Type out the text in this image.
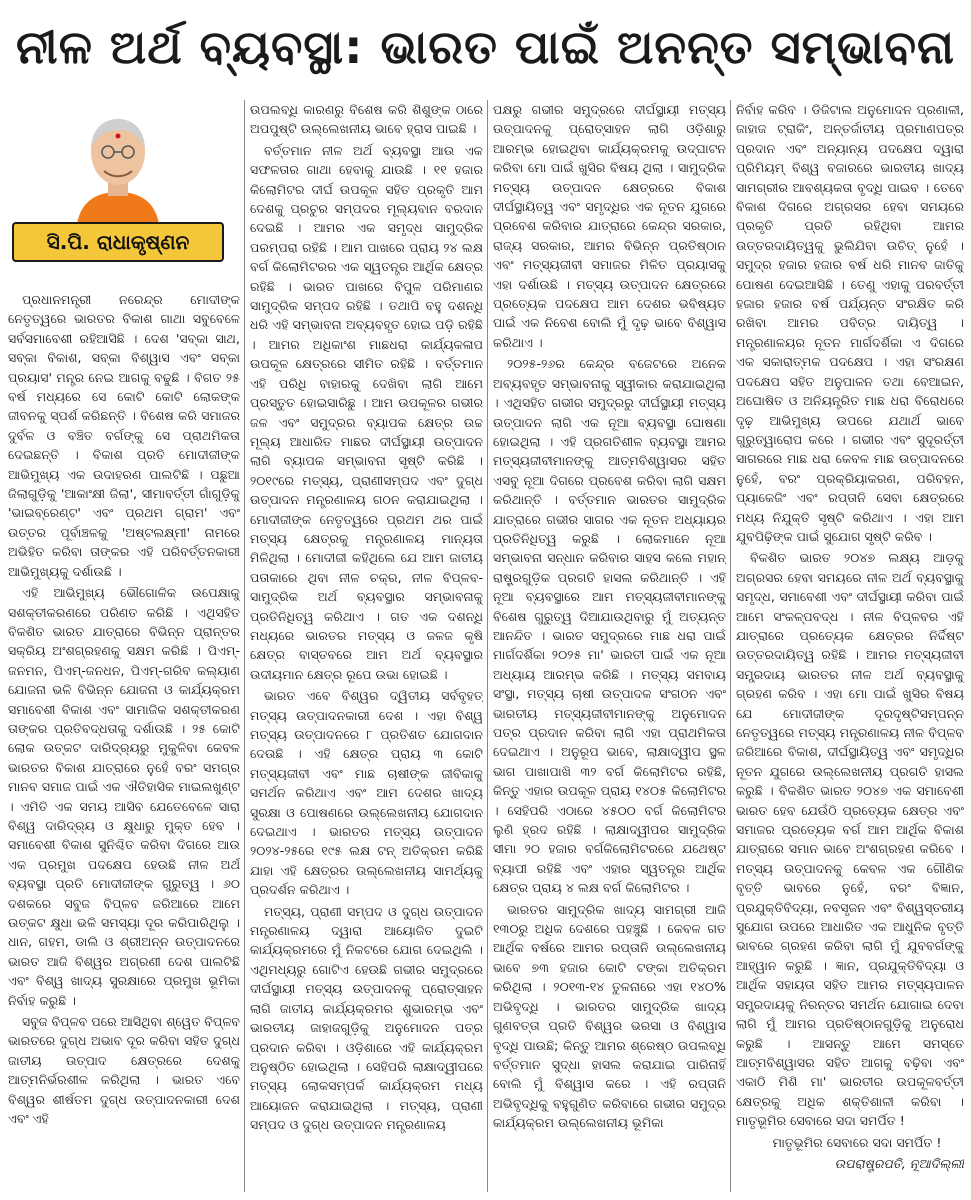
ନୀଳ ଅର୍ଥ ବ୍ୟବସ୍ଥା: ଭାରତ ପାଇଁ ଅନନ୍ତ ସମ୍ଭାବନା
ସି.ପି. ରାଧାକୃଷ୍ଣନ

ପ୍ରଧାନମନ୍ତ୍ରୀ ନରେନ୍ଦ୍ର ମୋଦୀଙ୍କ ନେତୃତ୍ୱରେ ଭାରତର ବିକାଶ ଗାଥା ସବୁବେଳେ ସର୍ବସମାବେଶୀ ରହିଆସିଛି । ଦେଶ 'ସବ୍‌କା ସାଥ, ସବ୍‌କା ବିକାଶ, ସବ୍‌କା ବିଶ୍ୱାସ ଏବଂ ସବ୍‌କା ପ୍ରୟାସ' ମନ୍ତ୍ର ନେଇ ଆଗକୁ ବଢୁଛି । ବିଗତ ୨୫ ବର୍ଷ ମଧ୍ୟରେ ସେ କୋଟି କୋଟି ଲୋକଙ୍କ ଜୀବନକୁ ସ୍ପର୍ଶ କରିଛନ୍ତି । ବିଶେଷ କରି ସମାଜର ଦୁର୍ବଳ ଓ ବଞ୍ଚିତ ବର୍ଗଙ୍କୁ ସେ ପ୍ରାଥମିକତା ଦେଇଛନ୍ତି । ବିକାଶ ପ୍ରତି ମୋଦୀଜୀଙ୍କ ଆଭିମୁଖ୍ୟ ଏକ ଉଦାହରଣ ପାଲଟିଛି । ପଛୁଆ ଜିଲାଗୁଡ଼ିକୁ 'ଆକାଂକ୍ଷୀ ଜିଲା', ସୀମାବର୍ତ୍ତୀ ଗାଁଗୁଡ଼ିକୁ 'ଭାଇବ୍ରେଣ୍ଟ' ଏବଂ ପ୍ରଥମ ଗ୍ରାମ' ଏବଂ ଉତ୍ତର ପୂର୍ବାଞ୍ଚଳକୁ 'ଅଷ୍ଟଲକ୍ଷ୍ମୀ' ନାମରେ ଅଭିହିତ କରିବା ତାଙ୍କର ଏହି ପରିବର୍ତ୍ତନକାରୀ ଆଭିମୁଖ୍ୟକୁ ଦର୍ଶାଉଛି ।

ଏହି ଆଭିମୁଖ୍ୟ ଭୌଗୋଳିକ ଉପେକ୍ଷାକୁ ସଶକ୍ତୀକରଣରେ ପରିଣତ କରିଛି । ଏଥିସହିତ ବିକଶିତ ଭାରତ ଯାତ୍ରାରେ ବିଭିନ୍ନ ପ୍ରାନ୍ତର ସକ୍ରିୟ ଅଂଶଗ୍ରହଣକୁ ସକ୍ଷମ କରିଛି । ପିଏମ୍-ଜନମନ, ପିଏମ୍-ଜନଧନ, ପିଏମ୍-ଗରିବ କଲ୍ୟାଣ ଯୋଜନା ଭଳି ବିଭିନ୍ନ ଯୋଜନା ଓ କାର୍ଯ୍ୟକ୍ରମ ସମାବେଶୀ ବିକାଶ ଏବଂ ସାମାଜିକ ସଶକ୍ତୀକରଣ ତାଙ୍କର ପ୍ରତିବଦ୍ଧତାକୁ ଦର୍ଶାଉଛି । ୨୫ କୋଟି ଲୋକ ଉତ୍କଟ ଦାରିଦ୍ର୍ୟରୁ ମୁକୁଳିବା କେବଳ ଭାରତର ବିକାଶ ଯାତ୍ରାରେ ନୁହେଁ ବରଂ ସମଗ୍ର ମାନବ ସମାଜ ପାଇଁ ଏକ ଐତିହାସିକ ମାଇଲଖୁଣ୍ଟ । ଏମିତି ଏକ ସମୟ ଆସିବ ଯେତେବେଳେ ସାରା ବିଶ୍ୱ ଦାରିଦ୍ର୍ୟ ଓ କ୍ଷୁଧାରୁ ମୁକ୍ତ ହେବ । ସମାବେଶୀ ବିକାଶ ସୁନିଶ୍ଚିତ କରିବା ଦିଗରେ ଆଉ ଏକ ପ୍ରମୁଖ ପଦକ୍ଷେପ ହେଉଛି ନୀଳ ଅର୍ଥ ବ୍ୟବସ୍ଥା ପ୍ରତି ମୋଦୀଜୀଙ୍କ ଗୁରୁତ୍ୱ । ୬୦ ଦଶକରେ ସବୁଜ ବିପ୍ଳବ ଜରିଆରେ ଆମେ ଉତ୍କଟ କ୍ଷୁଧା ଭଳି ସମସ୍ୟା ଦୂର କରିପାରିଥିଲୁ । ଧାନ, ଗହମ, ଡାଲି ଓ ଶ୍ରୀଅନ୍ନ ଉତ୍ପାଦନରେ ଭାରତ ଆଜି ବିଶ୍ୱର ଅଗ୍ରଣୀ ଦେଶ ପାଲଟିଛି ଏବଂ ବିଶ୍ୱ ଖାଦ୍ୟ ସୁରକ୍ଷାରେ ପ୍ରମୁଖ ଭୂମିକା ନିର୍ବାହ କରୁଛି ।

ସବୁଜ ବିପ୍ଳବ ପରେ ଆସିଥିବା ଶ୍ୱେତ ବିପ୍ଳବ ଭାରତରେ ଦୁଗ୍ଧ ଅଭାବ ଦୂର କରିବା ସହିତ ଦୁଗ୍ଧ ଜାତୀୟ ଉତ୍ପାଦ କ୍ଷେତ୍ରରେ ଦେଶକୁ ଆତ୍ମନିର୍ଭରଶୀଳ କରିଥିଲା । ଭାରତ ଏବେ ବିଶ୍ୱର ଶୀର୍ଷତମ ଦୁଗ୍ଧ ଉତ୍ପାଦନକାରୀ ଦେଶ ଏବଂ ଏହି

ଉପଲବ୍ଧି କାରଣରୁ ବିଶେଷ କରି ଶିଶୁଙ୍କ ଠାରେ ଅପପୁଷ୍ଟି ଉଲ୍ଲେଖନୀୟ ଭାବେ ହ୍ରାସ ପାଇଛି ।

ବର୍ତ୍ତମାନ ନୀଳ ଅର୍ଥ ବ୍ୟବସ୍ଥା ଆଉ ଏକ ସଫଳତାର ଗାଥା ହେବାକୁ ଯାଉଛି । ୧୧ ହଜାର କିଲୋମିଟର ଦୀର୍ଘ ଉପକୂଳ ସହିତ ପ୍ରକୃତି ଆମ ଦେଶକୁ ପ୍ରଚୁର ସମ୍ପଦର ମୂଲ୍ୟବାନ ବରଦାନ ଦେଇଛି । ଆମର ଏକ ସମୃଦ୍ଧ ସାମୁଦ୍ରିକ ପରମ୍ପରା ରହିଛି । ଆମ ପାଖରେ ପ୍ରାୟ ୨୪ ଲକ୍ଷ ବର୍ଗ କିଲୋମିଟରର ଏକ ସ୍ୱତନ୍ତ୍ର ଆର୍ଥିକ କ୍ଷେତ୍ର ରହିଛି । ଭାରତ ପାଖରେ ବିପୁଳ ପରିମାଣର ସାମୁଦ୍ରିକ ସମ୍ପଦ ରହିଛି । ତଥାପି ବହୁ ଦଶନ୍ଧି ଧରି ଏହି ସମ୍ଭାବନା ଅବ୍ୟବହୃତ ହୋଇ ପଡ଼ି ରହିଛି । ଆମର ଅଧିକାଂଶ ମାଛଧରା କାର୍ଯ୍ୟକଳାପ ଉପକୂଳ କ୍ଷେତ୍ରରେ ସୀମିତ ରହିଛି । ବର୍ତ୍ତମାନ ଏହି ପରିଧି ବାହାରକୁ ଦେଖିବା ଲାଗି ଆମେ ପ୍ରସ୍ତୁତ ହୋଇସାରିଛୁ । ଆମ ଉପକୂଳର ଗଭୀର ଜଳ ଏବଂ ସମୁଦ୍ରର ବ୍ୟାପକ କ୍ଷେତ୍ର ଉଚ୍ଚ ମୂଲ୍ୟ ଆଧାରିତ ମାଛର ଦୀର୍ଘସ୍ଥାୟୀ ଉତ୍ପାଦନ ଲାଗି ବ୍ୟାପକ ସମ୍ଭାବନା ସୃଷ୍ଟି କରିଛି । ୨୦୧୯ରେ ମତ୍ସ୍ୟ, ପ୍ରାଣୀସମ୍ପଦ ଏବଂ ଦୁଗ୍ଧ ଉତ୍ପାଦନ ମନ୍ତ୍ରଣାଳୟ ଗଠନ କରାଯାଇଥିଲା । ମୋଦୀଜୀଙ୍କ ନେତୃତ୍ୱରେ ପ୍ରଥମ ଥର ପାଇଁ ମତ୍ସ୍ୟ କ୍ଷେତ୍ରକୁ ମନ୍ତ୍ରଣାଳୟ ମାନ୍ୟତା ମିଳିଥିଲା । ମୋଦୀଜୀ କହିଥିଲେ ଯେ ଆମ ଜାତୀୟ ପତାକାରେ ଥିବା ନୀଳ ଚକ୍ର, ନୀଳ ବିପ୍ଳବ- ସାମୁଦ୍ରିକ ଅର୍ଥ ବ୍ୟବସ୍ଥାର ସମ୍ଭାବନାକୁ ପ୍ରତିନିଧିତ୍ୱ କରିଥାଏ । ଗତ ଏକ ଦଶନ୍ଧି ମଧ୍ୟରେ ଭାରତର ମତ୍ସ୍ୟ ଓ ଜଳଜ କୃଷି କ୍ଷେତ୍ର ବାସ୍ତବରେ ଆମ ଅର୍ଥ ବ୍ୟବସ୍ଥାର ଉଦୀୟମାନ କ୍ଷେତ୍ର ରୂପେ ଉଭା ହୋଇଛି ।

ଭାରତ ଏବେ ବିଶ୍ୱର ଦ୍ୱିତୀୟ ସର୍ବବୃହତ୍ ମତ୍ସ୍ୟ ଉତ୍ପାଦନକାରୀ ଦେଶ । ଏହା ବିଶ୍ୱ ମତ୍ସ୍ୟ ଉତ୍ପାଦନରେ ୮ ପ୍ରତିଶତ ଯୋଗଦାନ ଦେଉଛି । ଏହି କ୍ଷେତ୍ର ପ୍ରାୟ ୩ କୋଟି ମତ୍ସ୍ୟଜୀବୀ ଏବଂ ମାଛ ଚାଷୀଙ୍କ ଜୀବିକାକୁ ସମର୍ଥନ କରିଥାଏ ଏବଂ ଆମ ଦେଶର ଖାଦ୍ୟ ସୁରକ୍ଷା ଓ ପୋଷଣରେ ଉଲ୍ଲେଖନୀୟ ଯୋଗଦାନ ଦେଇଥାଏ । ଭାରତର ମତ୍ସ୍ୟ ଉତ୍ପାଦନ ୨୦୨୪-୨୫ରେ ୧୯୫ ଲକ୍ଷ ଟନ୍ ଅତିକ୍ରମ କରିଛି ଯାହା ଏହି କ୍ଷେତ୍ରର ଉଲ୍ଲେଖନୀୟ ସାମର୍ଥ୍ୟକୁ ପ୍ରଦର୍ଶନ କରିଥାଏ ।

ମତ୍ସ୍ୟ, ପ୍ରାଣୀ ସମ୍ପଦ ଓ ଦୁଗ୍ଧ ଉତ୍ପାଦନ ମନ୍ତ୍ରଣାଳୟ ଦ୍ୱାରା ଆୟୋଜିତ ଦୁଇଟି କାର୍ଯ୍ୟକ୍ରମରେ ମୁଁ ନିକଟରେ ଯୋଗ ଦେଇଥିଲି । ଏଥିମଧ୍ୟରୁ ଗୋଟିଏ ହେଉଛି ଗଭୀର ସମୁଦ୍ରରେ ଦୀର୍ଘସ୍ଥାୟୀ ମତ୍ସ୍ୟ ଉତ୍ପାଦନକୁ ପ୍ରୋତ୍ସାହନ ଲାଗି ଜାତୀୟ କାର୍ଯ୍ୟକ୍ରମର ଶୁଭାରମ୍ଭ ଏବଂ ଭାରତୀୟ ଜାହାଜଗୁଡ଼ିକୁ ଅନୁମୋଦନ ପତ୍ର ପ୍ରଦାନ କରିବା । ଓଡ଼ିଶାରେ ଏହି କାର୍ଯ୍ୟକ୍ରମ ଅନୁଷ୍ଠିତ ହୋଇଥିଲା । ସେହିପରି ଲାକ୍ଷାଦ୍ୱୀପରେ ମତ୍ସ୍ୟ ଲୋକସମ୍ପର୍କ କାର୍ଯ୍ୟକ୍ରମ ମଧ୍ୟ ଆୟୋଜନ କରାଯାଇଥିଲା । ମତ୍ସ୍ୟ, ପ୍ରାଣୀ ସମ୍ପଦ ଓ ଦୁଗ୍ଧ ଉତ୍ପାଦନ ମନ୍ତ୍ରଣାଳୟ

ପକ୍ଷରୁ ଗଭୀର ସମୁଦ୍ରରେ ଦୀର୍ଘସ୍ଥାୟୀ ମତ୍ସ୍ୟ ଉତ୍ପାଦନକୁ ପ୍ରୋତ୍ସାହନ ଲାଗି ଓଡ଼ିଶାରୁ ଆରମ୍ଭ ହୋଇଥିବା କାର୍ଯ୍ୟକ୍ରମକୁ ଉଦ୍‌ଘାଟନ କରିବା ମୋ ପାଇଁ ଖୁସିର ବିଷୟ ଥିଲା । ସାମୁଦ୍ରିକ ମତ୍ସ୍ୟ ଉତ୍ପାଦନ କ୍ଷେତ୍ରରେ ବିକାଶ ଦୀର୍ଘସ୍ଥାୟିତ୍ୱ ଏବଂ ସମୃଦ୍ଧିର ଏକ ନୂତନ ଯୁଗରେ ପ୍ରବେଶ କରିବାର ଯାତ୍ରାରେ କେନ୍ଦ୍ର ସରକାର, ରାଜ୍ୟ ସରକାର, ଆମର ବିଭିନ୍ନ ପ୍ରତିଷ୍ଠାନ ଏବଂ ମତ୍ସ୍ୟଜୀବୀ ସମାଜର ମିଳିତ ପ୍ରୟାସକୁ ଏହା ଦର୍ଶାଉଛି । ମତ୍ସ୍ୟ ଉତ୍ପାଦନ କ୍ଷେତ୍ରରେ ପ୍ରତ୍ୟେକ ପଦକ୍ଷେପ ଆମ ଦେଶର ଭବିଷ୍ୟତ ପାଇଁ ଏକ ନିବେଶ ବୋଲି ମୁଁ ଦୃଢ଼ ଭାବେ ବିଶ୍ୱାସ କରିଥାଏ ।

୨୦୨୫-୨୬ର କେନ୍ଦ୍ର ବଜେଟରେ ଅନେକ ଅବ୍ୟବହୃତ ସମ୍ଭାବନାକୁ ସ୍ୱୀକାର କରାଯାଇଥିଲା । ଏଥିସହିତ ଗଭୀର ସମୁଦ୍ରରୁ ଦୀର୍ଘସ୍ଥାୟୀ ମତ୍ସ୍ୟ ଉତ୍ପାଦନ ଲାଗି ଏକ ନୂଆ ବ୍ୟବସ୍ଥା ଘୋଷଣା ହୋଇଥିଲା । ଏହି ପ୍ରଗତିଶୀଳ ବ୍ୟବସ୍ଥା ଆମର ମତ୍ସ୍ୟଜୀବୀମାନଙ୍କୁ ଆତ୍ମବିଶ୍ୱାସର ସହିତ ଏସବୁ ନୂଆ ଦିଗରେ ପ୍ରବେଶ କରିବା ଲାଗି ସକ୍ଷମ କରିଥାନ୍ତି । ବର୍ତ୍ତମାନ ଭାରତର ସାମୁଦ୍ରିକ ଯାତ୍ରାରେ ଗଭୀର ସାଗର ଏକ ନୂତନ ଅଧ୍ୟାୟର ପ୍ରତିନିଧିତ୍ୱ କରୁଛି । ଲୋକମାନେ ନୂଆ ସମ୍ଭାବନା ସନ୍ଧାନ କରିବାର ସାହସ କଲେ ମହାନ୍ ରାଷ୍ଟ୍ରଗୁଡ଼ିକ ପ୍ରଗତି ହାସଲ କରିଥାନ୍ତି । ଏହି ନୂଆ ବ୍ୟବସ୍ଥାରେ ଆମ ମତ୍ସ୍ୟଜୀବୀମାନଙ୍କୁ ବିଶେଷ ଗୁରୁତ୍ୱ ଦିଆଯାଉଥିବାରୁ ମୁଁ ଅତ୍ୟନ୍ତ ଆନନ୍ଦିତ । ଭାରତ ସମୁଦ୍ରରେ ମାଛ ଧରା ପାଇଁ ମାର୍ଗଦର୍ଶିକା ୨୦୨୫ ମା' ଭାରତୀ ପାଇଁ ଏକ ନୂଆ ଅଧ୍ୟାୟ ଆରମ୍ଭ କରିଛି । ମତ୍ସ୍ୟ ସମବାୟ ସଂସ୍ଥା, ମତ୍ସ୍ୟ ଚାଷୀ ଉତ୍ପାଦକ ସଂଗଠନ ଏବଂ ଭାରତୀୟ ମତ୍ସ୍ୟଜୀବୀମାନଙ୍କୁ ଅନୁମୋଦନ ପତ୍ର ପ୍ରଦାନ କରିବା ଲାଗି ଏହା ପ୍ରାଥମିକତା ଦେଇଥାଏ । ଅନୁରୂପ ଭାବେ, ଲାକ୍ଷାଦ୍ୱୀପ ସ୍ଥଳ ଭାଗ ପାଖାପାଖି ୩୨ ବର୍ଗ କିଲୋମିଟର ରହିଛି, କିନ୍ତୁ ଏହାର ଉପକୂଳ ପ୍ରାୟ ୧୪୦୫ କିଲୋମିଟର । ସେହିପରି ଏଠାରେ ୪୫୦୦ ବର୍ଗ କିଲୋମିଟର ଲୁଣି ହ୍ରଦ ରହିଛି । ଲାକ୍ଷାଦ୍ୱୀପର ସାମୁଦ୍ରିକ ସୀମା ୨୦ ହଜାର ବର୍ଗକିଲୋମିଟରରେ ଯଥେଷ୍ଟ ବ୍ୟାପୀ ରହିଛି ଏବଂ ଏହାର ସ୍ୱତନ୍ତ୍ର ଆର୍ଥିକ କ୍ଷେତ୍ର ପ୍ରାୟ ୪ ଲକ୍ଷ ବର୍ଗ କିଲୋମିଟର ।

ଭାରତର ସାମୁଦ୍ରିକ ଖାଦ୍ୟ ସାମଗ୍ରୀ ଆଜି ୧୩୦ରୁ ଅଧିକ ଦେଶରେ ପହଞ୍ଚୁଛି । କେବଳ ଗତ ଆର୍ଥିକ ବର୍ଷରେ ଆମର ରପ୍ତାନି ଉଲ୍ଲେଖନୀୟ ଭାବେ ୭୩ ହଜାର କୋଟି ଟଙ୍କା ଅତିକ୍ରମ କରିଥିଲା । ୨୦୧୩-୧୪ ତୁଳନାରେ ଏହା ୧୪୦% ଅଭିବୃଦ୍ଧି । ଭାରତର ସାମୁଦ୍ରିକ ଖାଦ୍ୟ ଗୁଣବତ୍ତା ପ୍ରତି ବିଶ୍ୱର ଭରସା ଓ ବିଶ୍ୱାସ ବୃଦ୍ଧି ପାଉଛି; କିନ୍ତୁ ଆମର ଶ୍ରେଷ୍ଠ ଉପଲବ୍ଧି ବର୍ତ୍ତମାନ ସୁଦ୍ଧା ହାସଲ କରାଯାଇ ପାରିନାହିଁ ବୋଲି ମୁଁ ବିଶ୍ୱାସ କରେ । ଏହି ରପ୍ତାନି ଅଭିବୃଦ୍ଧିକୁ ବହୁଗୁଣିତ କରିବାରେ ଗଭୀର ସମୁଦ୍ର କାର୍ଯ୍ୟକ୍ରମ ଉଲ୍ଲେଖନୀୟ ଭୂମିକା

ନିର୍ବାହ କରିବ । ଡିଜିଟାଲ ଅନୁମୋଦନ ପ୍ରଣାଳୀ, ଜାହାଜ ଟ୍ରାକିଂ, ଅନ୍ତର୍ଜାତୀୟ ପ୍ରମାଣପତ୍ର ପ୍ରଦାନ ଏବଂ ଅନ୍ୟାନ୍ୟ ପଦକ୍ଷେପ ଦ୍ୱାରା ପ୍ରିମିୟମ୍ ବିଶ୍ୱ ବଜାରରେ ଭାରତୀୟ ଖାଦ୍ୟ ସାମଗ୍ରୀର ଆବଶ୍ୟକତା ବୃଦ୍ଧି ପାଇବ । ତେବେ ବିକାଶ ଦିଗରେ ଅଗ୍ରସର ହେବା ସମୟରେ ପ୍ରକୃତି ପ୍ରତି ରହିଥିବା ଆମର ଉତ୍ତରଦାୟିତ୍ୱକୁ ଭୁଲିଯିବା ଉଚିତ୍ ନୁହେଁ । ସମୁଦ୍ର ହଜାର ହଜାର ବର୍ଷ ଧରି ମାନବ ଜାତିକୁ ପୋଷଣ ଦେଇଆସିଛି । ତେଣୁ ଏହାକୁ ପରବର୍ତ୍ତୀ ହଜାର ହଜାର ବର୍ଷ ପର୍ଯ୍ୟନ୍ତ ସଂରକ୍ଷିତ କରି ରଖିବା ଆମର ପବିତ୍ର ଦାୟିତ୍ୱ । ମନ୍ତ୍ରଣାଳୟର ନୂତନ ମାର୍ଗଦର୍ଶିକା ଏ ଦିଗରେ ଏକ ସକାରାତ୍ମକ ପଦକ୍ଷେପ । ଏହା ସଂରକ୍ଷଣ ପଦକ୍ଷେପ ସହିତ ଅନୁପାଳନ ତଥା ବେଆଇନ, ଅଘୋଷିତ ଓ ଅନିୟନ୍ତ୍ରିତ ମାଛ ଧରା ବିରୋଧରେ ଦୃଢ଼ ଆଭିମୁଖ୍ୟ ଉପରେ ଯଥାର୍ଥ ଭାବେ ଗୁରୁତ୍ୱାରୋପ କରେ । ଗଭୀର ଏବଂ ସୁଦୂରର୍ତ୍ତୀ ସାଗରରେ ମାଛ ଧରା କେବଳ ମାଛ ଉତ୍ପାଦନରେ ନୁହେଁ, ବରଂ ପ୍ରକ୍ରିୟାକରଣ, ପରିବହନ, ପ୍ୟାକେଜିଂ ଏବଂ ରପ୍ତାନି ସେବା କ୍ଷେତ୍ରରେ ମଧ୍ୟ ନିଯୁକ୍ତି ସୃଷ୍ଟି କରିଥାଏ । ଏହା ଆମ ଯୁବପିଢ଼ିଙ୍କ ପାଇଁ ସୁଯୋଗ ସୃଷ୍ଟି କରିବ ।

ବିକଶିତ ଭାରତ ୨୦୪୭ ଲକ୍ଷ୍ୟ ଆଡ଼କୁ ଅଗ୍ରସର ହେବା ସମୟରେ ନୀଳ ଅର୍ଥ ବ୍ୟବସ୍ଥାକୁ ସମୃଦ୍ଧ, ସମାବେଶୀ ଏବଂ ଦୀର୍ଘସ୍ଥାୟୀ କରିବା ପାଇଁ ଆମେ ସଂକଳ୍ପବଦ୍ଧ । ନୀଳ ବିପ୍ଳବର ଏହି ଯାତ୍ରାରେ ପ୍ରତ୍ୟେକ କ୍ଷେତ୍ରର ନିର୍ଦ୍ଦିଷ୍ଟ ଉତ୍ତରଦାୟିତ୍ୱ ରହିଛି । ଆମର ମତ୍ସ୍ୟଜୀବୀ ସମ୍ପ୍ରଦାୟ ଭାରତର ନୀଳ ଅର୍ଥ ବ୍ୟବସ୍ଥାକୁ ଗ୍ରହଣ କରିବ । ଏହା ମୋ ପାଇଁ ଖୁସିର ବିଷୟ ଯେ ମୋଦୀଜୀଙ୍କ ଦୂରଦୃଷ୍ଟିସମ୍ପନ୍ନ ନେତୃତ୍ୱରେ ମତ୍ସ୍ୟ ମନ୍ତ୍ରଣାଳୟ ନୀଳ ବିପ୍ଳବ ଜରିଆରେ ବିକାଶ, ଦୀର୍ଘସ୍ଥାୟିତ୍ୱ ଏବଂ ସମୃଦ୍ଧିର ନୂତନ ଯୁଗରେ ଉଲ୍ଲେଖନୀୟ ପ୍ରଗତି ହାସଲ କରୁଛି । ବିକଶିତ ଭାରତ ୨୦୪୭ ଏକ ସମାବେଶୀ ଭାରତ ହେବ ଯେଉଁଠି ପ୍ରତ୍ୟେକ କ୍ଷେତ୍ର ଏବଂ ସମାଜର ପ୍ରତ୍ୟେକ ବର୍ଗ ଆମ ଆର୍ଥିକ ବିକାଶ ଯାତ୍ରାରେ ସମାନ ଭାବେ ଅଂଶଗ୍ରହଣ କରିବେ । ମତ୍ସ୍ୟ ଉତ୍ପାଦନକୁ କେବଳ ଏକ ଗୌଣିକ ବୃତ୍ତି ଭାବରେ ନୁହେଁ, ବରଂ ବିଜ୍ଞାନ, ପ୍ରଯୁକ୍ତିବିଦ୍ୟା, ନବସୃଜନ ଏବଂ ବିଶ୍ୱସ୍ତରୀୟ ସୁଯୋଗ ଉପରେ ଆଧାରିତ ଏକ ଆଧୁନିକ ବୃତ୍ତି ଭାବରେ ଗ୍ରହଣ କରିବା ଲାଗି ମୁଁ ଯୁବବର୍ଗଙ୍କୁ ଆହ୍ୱାନ କରୁଛି । ଜ୍ଞାନ, ପ୍ରଯୁକ୍ତିବିଦ୍ୟା ଓ ଆର୍ଥିକ ସହାୟତା ସହିତ ଆମର ମତ୍ସ୍ୟପାଳନ ସମ୍ପ୍ରଦାୟକୁ ନିରନ୍ତର ସମର୍ଥନ ଯୋଗାଇ ଦେବା ଲାଗି ମୁଁ ଆମର ପ୍ରତିଷ୍ଠାନଗୁଡ଼ିକୁ ଅନୁରୋଧ କରୁଛି । ଆସନ୍ତୁ ଆମେ ସମସ୍ତେ ଆତ୍ମବିଶ୍ୱାସର ସହିତ ଆଗକୁ ବଢ଼ିବା ଏବଂ ଏକାଠି ମିଶି ମା' ଭାରତୀର ଉପକୂଳବର୍ତ୍ତୀ କ୍ଷେତ୍ରକୁ ଅଧିକ ଶକ୍ତିଶାଳୀ କରିବା । ମାତୃଭୂମିର ସେବାରେ ସଦା ସମର୍ପିତ !

ମାତୃଭୂମିର ସେବାରେ ସଦା ସମର୍ପିତ !

ଉପରାଷ୍ଟ୍ରପତି, ନୂଆଦିଲ୍ଲୀ
